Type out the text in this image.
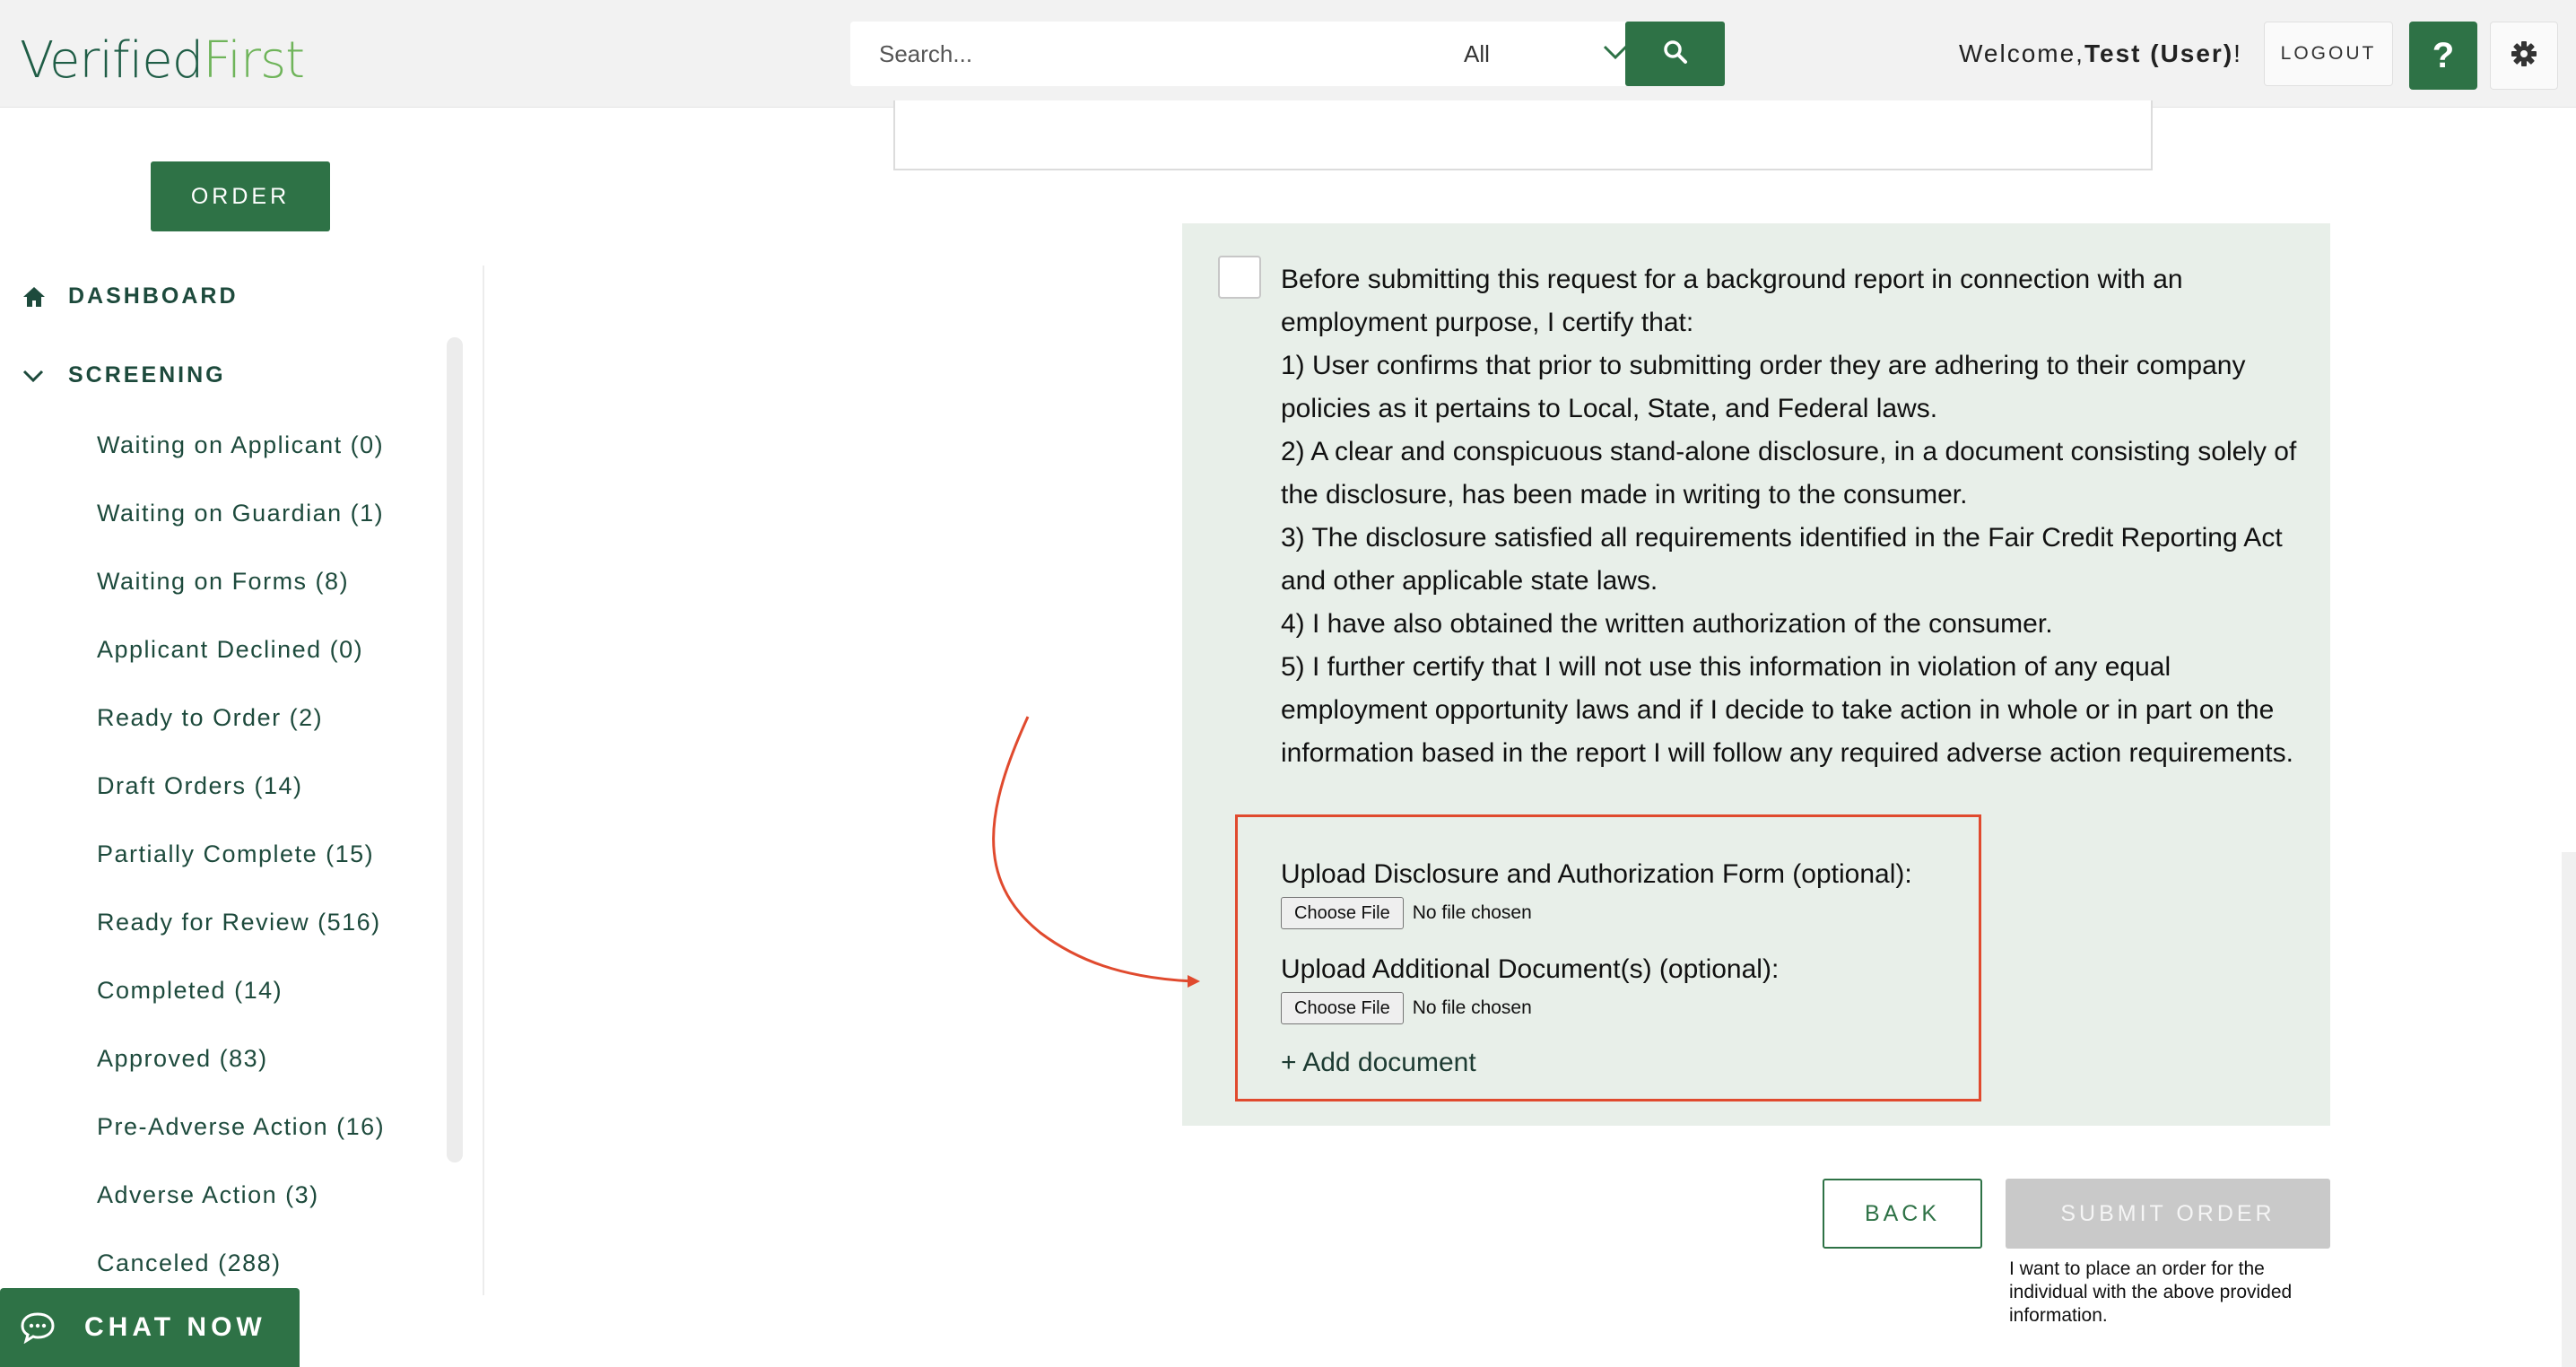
Verified First
Search...	All	Welcome,Test (User)!	LOGOUT	?
ORDER
DASHBOARD
SCREENING
Waiting on Applicant (0)
Waiting on Guardian (1)
Waiting on Forms (8)
Applicant Declined (0)
Ready to Order (2)
Draft Orders (14)
Partially Complete (15)
Ready for Review (516)
Completed (14)
Approved (83)
Pre-Adverse Action (16)
Adverse Action (3)
Canceled (288)
CHAT NOW

Before submitting this request for a background report in connection with an employment purpose, I certify that:

1) User confirms that prior to submitting order they are adhering to their company policies as it pertains to Local, State, and Federal laws.

2) A clear and conspicuous stand-alone disclosure, in a document consisting solely of the disclosure, has been made in writing to the consumer.

3) The disclosure satisfied all requirements identified in the Fair Credit Reporting Act and other applicable state laws.

4) I have also obtained the written authorization of the consumer.

5) I further certify that I will not use this information in violation of any equal employment opportunity laws and if I decide to take action in whole or in part on the information based in the report I will follow any required adverse action requirements.

Upload Disclosure and Authorization Form (optional):
Choose File	No file chosen
Upload Additional Document(s) (optional):
Choose File	No file chosen
+ Add document
BACK	SUBMIT ORDER
I want to place an order for the individual with the above provided information.
